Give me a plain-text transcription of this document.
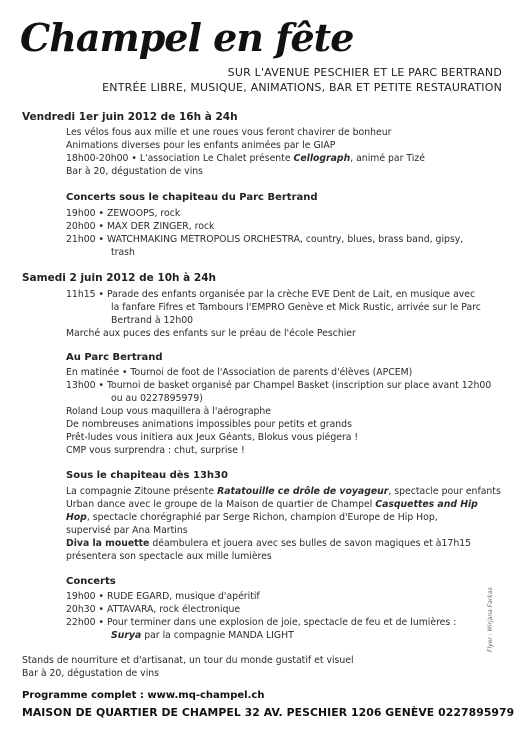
Champel en fête
SUR L'AVENUE PESCHIER ET LE PARC BERTRAND
ENTRÉE LIBRE, MUSIQUE, ANIMATIONS, BAR ET PETITE RESTAURATION
Vendredi 1er juin 2012 de 16h à 24h
Les vélos fous aux mille et une roues vous feront chavirer de bonheur
Animations diverses pour les enfants animées par le GIAP
18h00-20h00 • L'association Le Chalet présente Cellograph, animé par Tizé
Bar à 20, dégustation de vins
Concerts sous le chapiteau du Parc Bertrand
19h00 • ZEWOOPS, rock
20h00 • MAX DER ZINGER, rock
21h00 • WATCHMAKING METROPOLIS ORCHESTRA, country, blues, brass band, gipsy,
trash
Samedi 2 juin 2012 de 10h à 24h
11h15 • Parade des enfants organisée par la crèche EVE Dent de Lait, en musique avec
la fanfare Fifres et Tambours l'EMPRO Genève et Mick Rustic, arrivée sur le Parc
Bertrand à 12h00
Marché aux puces des enfants sur le préau de l'école Peschier
Au Parc Bertrand
En matinée • Tournoi de foot de l'Association de parents d'élèves (APCEM)
13h00 • Tournoi de basket organisé par Champel Basket (inscription sur place avant 12h00
ou au 0227895979)
Roland Loup vous maquillera à l'aérographe
De nombreuses animations impossibles pour petits et grands
Prêt-ludes vous initiera aux Jeux Géants, Blokus vous piégera !
CMP vous surprendra : chut, surprise !
Sous le chapiteau dès 13h30
La compagnie Zitoune présente Ratatouille ce drôle de voyageur, spectacle pour enfants
Urban dance avec le groupe de la Maison de quartier de Champel Casquettes and Hip
Hop, spectacle chorégraphié par Serge Richon, champion d'Europe de Hip Hop,
supervisé par Ana Martins
Diva la mouette déambulera et jouera avec ses bulles de savon magiques et à17h15
présentera son spectacle aux mille lumières
Concerts
19h00 • RUDE EGARD, musique d'apéritif
20h30 • ATTAVARA, rock électronique
22h00 • Pour terminer dans une explosion de joie, spectacle de feu et de lumières :
Surya par la compagnie MANDA LIGHT
Stands de nourriture et d'artisanat, un tour du monde gustatif et visuel
Bar à 20, dégustation de vins
Programme complet : www.mq-champel.ch
MAISON DE QUARTIER DE CHAMPEL 32 AV. PESCHIER 1206 GENÈVE 0227895979
Flyer : Mirjana Farkas
